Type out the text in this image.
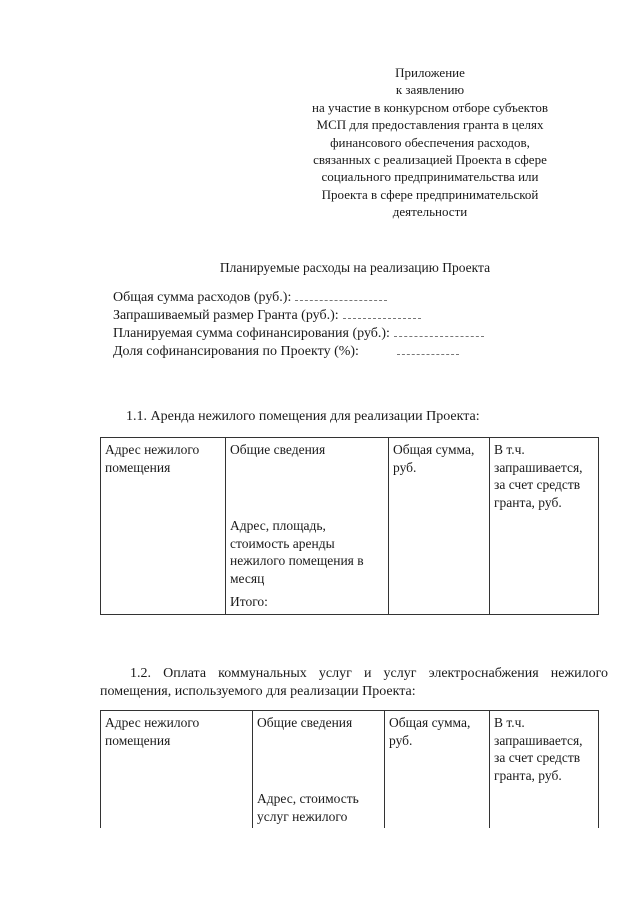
Приложение
к заявлению
на участие в конкурсном отборе субъектов
МСП для предоставления гранта в целях
финансового обеспечения расходов,
связанных с реализацией Проекта в сфере
социального предпринимательства или
Проекта в сфере предпринимательской
деятельности
Планируемые расходы на реализацию Проекта
Общая сумма расходов (руб.):
Запрашиваемый размер Гранта (руб.):
Планируемая сумма софинансирования (руб.):
Доля софинансирования по Проекту (%):
1.1. Аренда нежилого помещения для реализации Проекта:
Адрес нежилого помещения	Общие сведения	Общая сумма, руб.	В т.ч. запрашивается, за счет средств гранта, руб.
	Адрес, площадь, стоимость аренды нежилого помещения в месяц		
	Итого:		
1.2. Оплата коммунальных услуг и услуг электроснабжения нежилого
помещения, используемого для реализации Проекта:
Адрес нежилого помещения	Общие сведения	Общая сумма, руб.	В т.ч. запрашивается, за счет средств гранта, руб.
	Адрес, стоимость услуг нежилого		
